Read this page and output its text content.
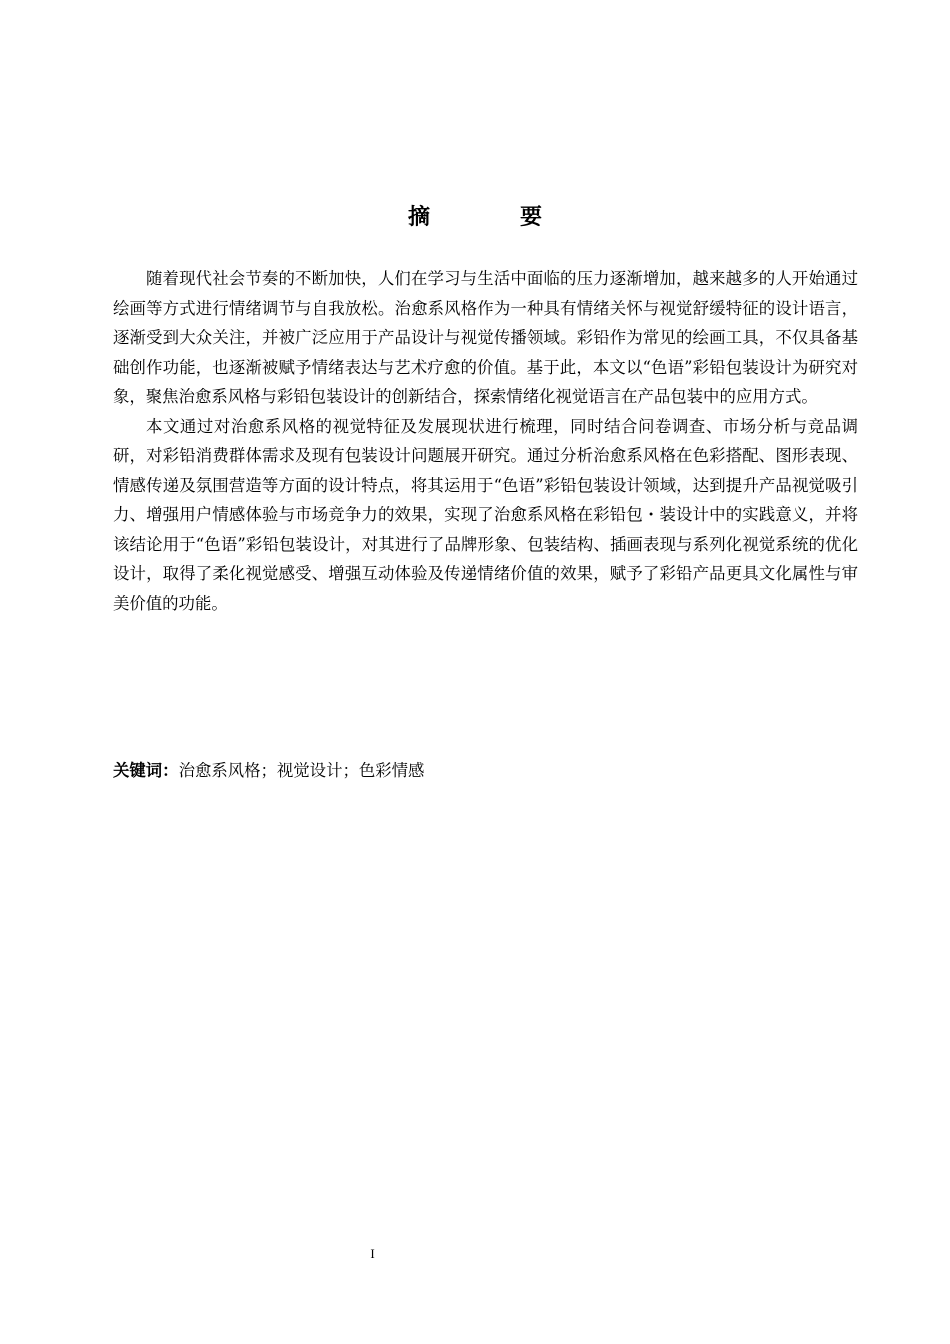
摘　要

随着现代社会节奏的不断加快，人们在学习与生活中面临的压力逐渐增加，越来越多的人开始通过绘画等方式进行情绪调节与自我放松。治愈系风格作为一种具有情绪关怀与视觉舒缓特征的设计语言，逐渐受到大众关注，并被广泛应用于产品设计与视觉传播领域。彩铅作为常见的绘画工具，不仅具备基础创作功能，也逐渐被赋予情绪表达与艺术疗愈的价值。基于此，本文以“色语”彩铅包装设计为研究对象，聚焦治愈系风格与彩铅包装设计的创新结合，探索情绪化视觉语言在产品包装中的应用方式。

本文通过对治愈系风格的视觉特征及发展现状进行梳理，同时结合问卷调查、市场分析与竞品调研，对彩铅消费群体需求及现有包装设计问题展开研究。通过分析治愈系风格在色彩搭配、图形表现、情感传递及氛围营造等方面的设计特点，将其运用于“色语”彩铅包装设计领域，达到提升产品视觉吸引力、增强用户情感体验与市场竞争力的效果，实现了治愈系风格在彩铅包・装设计中的实践意义，并将该结论用于“色语”彩铅包装设计，对其进行了品牌形象、包装结构、插画表现与系列化视觉系统的优化设计，取得了柔化视觉感受、增强互动体验及传递情绪价值的效果，赋予了彩铅产品更具文化属性与审美价值的功能。

关键词：治愈系风格；视觉设计；色彩情感
I
